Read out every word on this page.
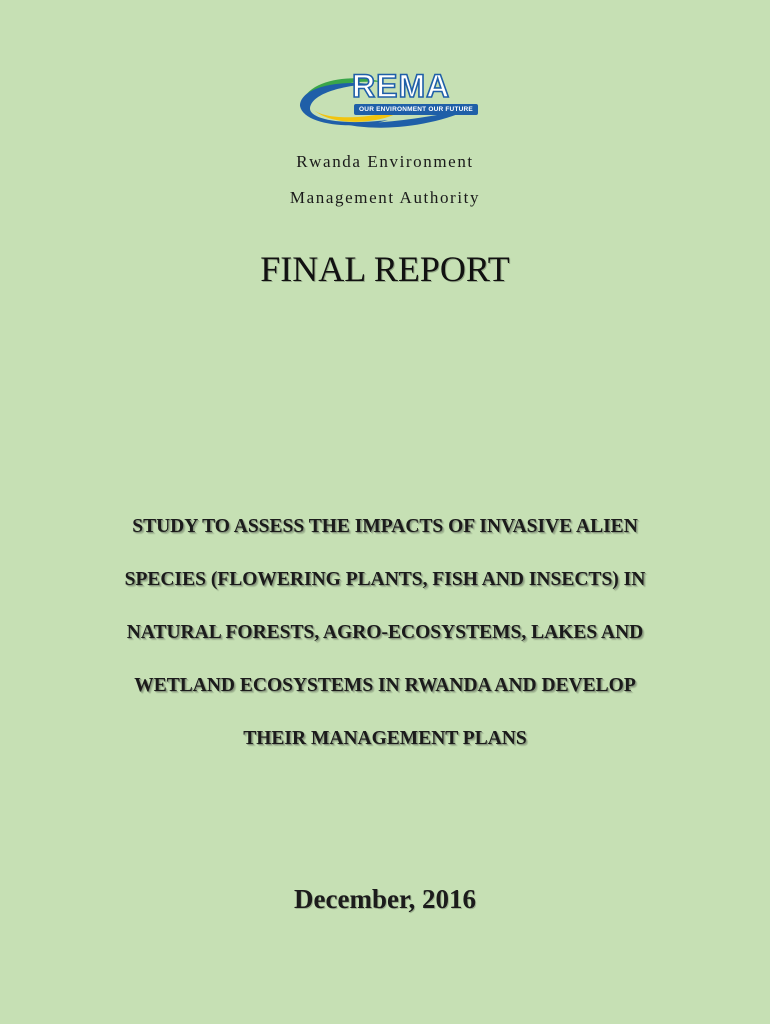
REMA
OUR ENVIRONMENT OUR FUTURE
Rwanda Environment
Management Authority
FINAL REPORT
STUDY TO ASSESS THE IMPACTS OF INVASIVE ALIEN
SPECIES (FLOWERING PLANTS, FISH AND INSECTS) IN
NATURAL FORESTS, AGRO-ECOSYSTEMS, LAKES AND
WETLAND ECOSYSTEMS IN RWANDA AND DEVELOP
THEIR MANAGEMENT PLANS
December, 2016
